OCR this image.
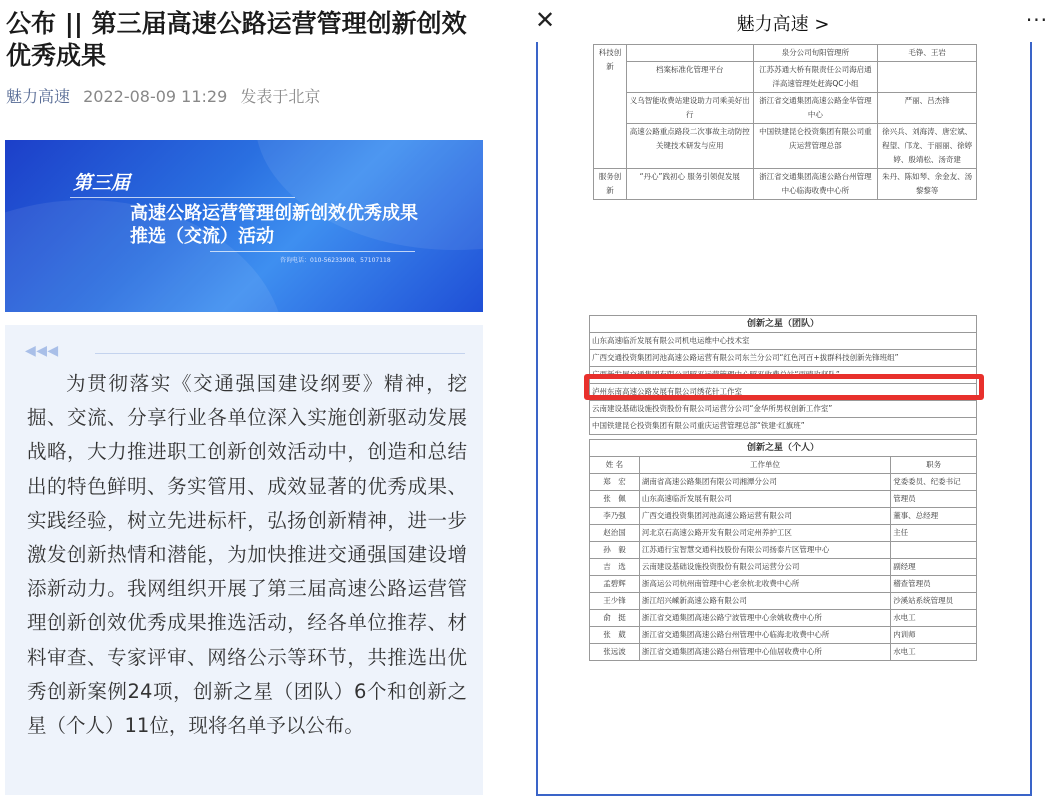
公布 || 第三届高速公路运营管理创新创效优秀成果
魅力高速 2022-08-09 11:29 发表于北京
第三届
高速公路运营管理创新创效优秀成果
推选（交流）活动
咨询电话：010-56233908、57107118
◀ ◀ ◀
为贯彻落实《交通强国建设纲要》精神，挖掘、交流、分享行业各单位深入实施创新驱动发展战略，大力推进职工创新创效活动中，创造和总结出的特色鲜明、务实管用、成效显著的优秀成果、实践经验，树立先进标杆，弘扬创新精神，进一步激发创新热情和潜能，为加快推进交通强国建设增添新动力。我网组织开展了第三届高速公路运营管理创新创效优秀成果推选活动，经各单位推荐、材料审查、专家评审、网络公示等环节，共推选出优秀创新案例24项，创新之星（团队）6个和创新之星（个人）11位，现将名单予以公布。
✕	魅力高速 >	···
科技创新		泉分公司旬阳管理所	毛铮、王岩
	档案标准化管理平台	江苏苏通大桥有限责任公司海启通洋高速管理处赶海QC小组	
	义乌智能收费站建设助力司乘美好出行	浙江省交通集团高速公路金华管理中心	严丽、吕杰锋
	高速公路重点路段二次事故主动防控关键技术研发与应用	中国铁建昆仑投资集团有限公司重庆运营管理总部	徐兴兵、刘海涛、唐宏斌、程望、邝龙、于丽丽、徐婷婷、殷靖松、汤奇建
服务创新	“丹心”践初心 服务引领促发展	浙江省交通集团高速公路台州管理中心临海收费中心所	朱丹、陈如琴、余金友、汤黎黎等
创新之星（团队）
山东高速临沂发展有限公司机电运维中心技术室
广西交通投资集团河池高速公路运营有限公司东兰分公司“红色河百+拔群科技创新先锋班组”
广西新发展交通集团有限公司昭平运营管理中心昭平收费总站“雨晴攻坚队”
泸州东南高速公路发展有限公司绣花针工作室
云南建设基础设施投资股份有限公司运营分公司“金华所男权创新工作室”
中国铁建昆仑投资集团有限公司重庆运营管理总部“铁建·红旗班”
创新之星（个人）		
姓 名	工作单位	职务
郑　宏	湖南省高速公路集团有限公司湘潭分公司	党委委员、纪委书记
张　佩	山东高速临沂发展有限公司	管理员
李乃强	广西交通投资集团河池高速公路运营有限公司	董事、总经理
赵治国	河北京石高速公路开发有限公司定州养护工区	主任
孙　毅	江苏通行宝智慧交通科技股份有限公司扬泰片区管理中心	
吉　选	云南建设基础设施投资股份有限公司运营分公司	副经理
孟碧辉	浙高运公司杭州南管理中心老余杭北收费中心所	稽查管理员
王少锋	浙江绍兴嵊新高速公路有限公司	沙溪站系统管理员
俞　挺	浙江省交通集团高速公路宁波管理中心余姚收费中心所	水电工
张　葳	浙江省交通集团高速公路台州管理中心临海北收费中心所	内训师
张远波	浙江省交通集团高速公路台州管理中心仙居收费中心所	水电工
